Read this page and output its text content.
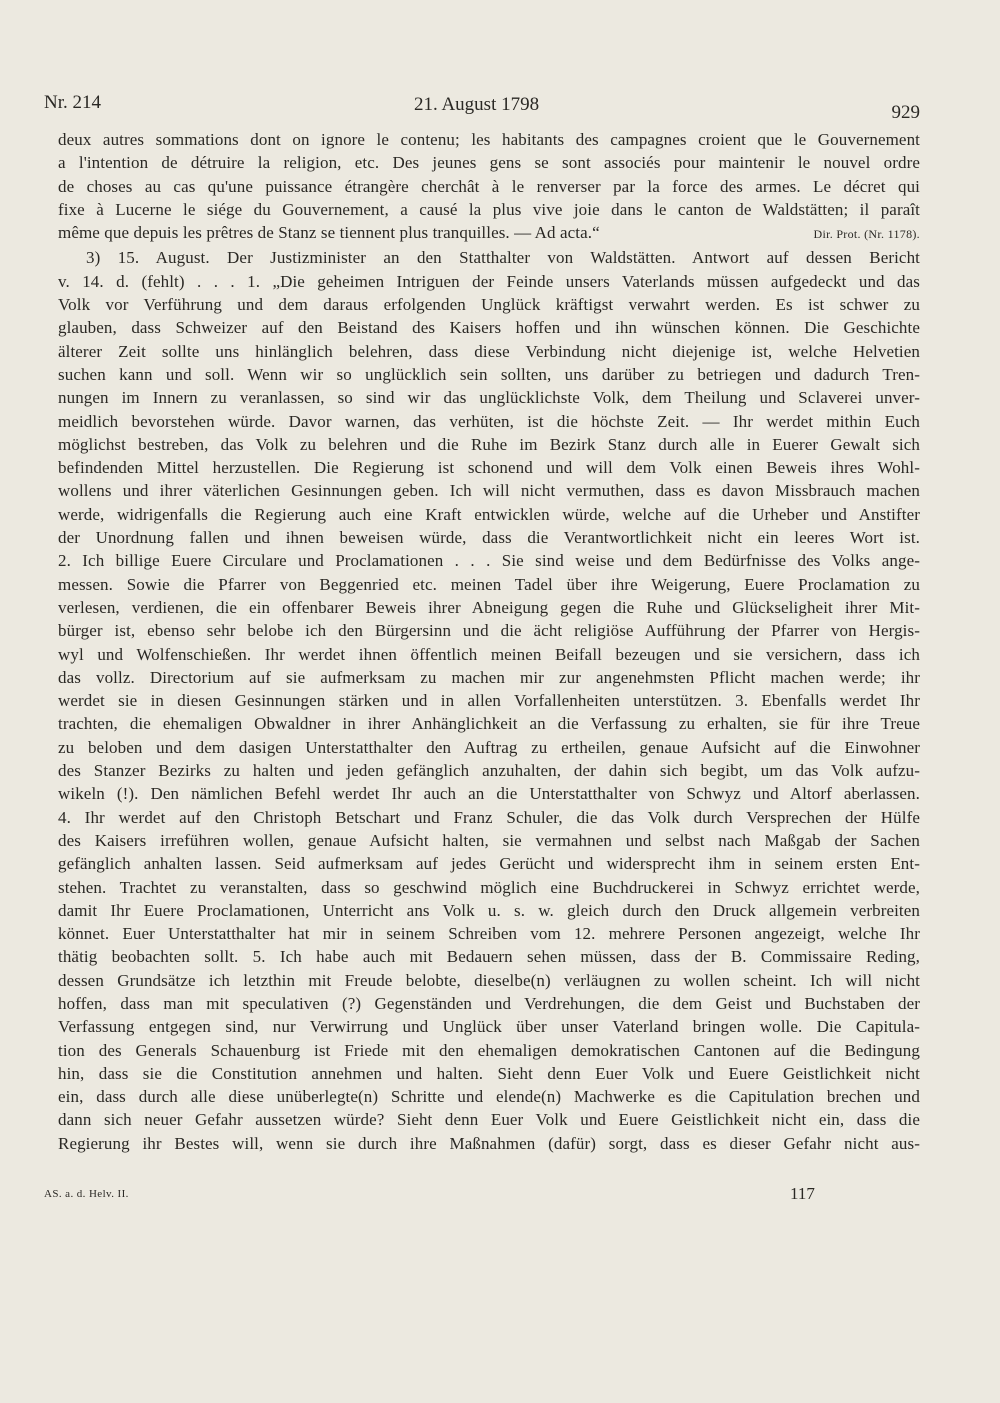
Nr. 214	21. August 1798	929
deux autres sommations dont on ignore le contenu; les habitants des campagnes croient que le Gouvernement
a l'intention de détruire la religion, etc. Des jeunes gens se sont associés pour maintenir le nouvel ordre
de choses au cas qu'une puissance étrangère cherchât à le renverser par la force des armes. Le décret qui
fixe à Lucerne le siége du Gouvernement, a causé la plus vive joie dans le canton de Waldstätten; il paraît
même que depuis les prêtres de Stanz se tiennent plus tranquilles. — Ad acta.“	Dir. Prot. (Nr. 1178).
3) 15. August. Der Justizminister an den Statthalter von Waldstätten. Antwort auf dessen Bericht
v. 14. d. (fehlt) . . . 1. „Die geheimen Intriguen der Feinde unsers Vaterlands müssen aufgedeckt und das
Volk vor Verführung und dem daraus erfolgenden Unglück kräftigst verwahrt werden. Es ist schwer zu
glauben, dass Schweizer auf den Beistand des Kaisers hoffen und ihn wünschen können. Die Geschichte
älterer Zeit sollte uns hinlänglich belehren, dass diese Verbindung nicht diejenige ist, welche Helvetien
suchen kann und soll. Wenn wir so unglücklich sein sollten, uns darüber zu betriegen und dadurch Tren-
nungen im Innern zu veranlassen, so sind wir das unglücklichste Volk, dem Theilung und Sclaverei unver-
meidlich bevorstehen würde. Davor warnen, das verhüten, ist die höchste Zeit. — Ihr werdet mithin Euch
möglichst bestreben, das Volk zu belehren und die Ruhe im Bezirk Stanz durch alle in Euerer Gewalt sich
befindenden Mittel herzustellen. Die Regierung ist schonend und will dem Volk einen Beweis ihres Wohl-
wollens und ihrer väterlichen Gesinnungen geben. Ich will nicht vermuthen, dass es davon Missbrauch machen
werde, widrigenfalls die Regierung auch eine Kraft entwicklen würde, welche auf die Urheber und Anstifter
der Unordnung fallen und ihnen beweisen würde, dass die Verantwortlichkeit nicht ein leeres Wort ist.
2. Ich billige Euere Circulare und Proclamationen . . . Sie sind weise und dem Bedürfnisse des Volks ange-
messen. Sowie die Pfarrer von Beggenried etc. meinen Tadel über ihre Weigerung, Euere Proclamation zu
verlesen, verdienen, die ein offenbarer Beweis ihrer Abneigung gegen die Ruhe und Glückseligheit ihrer Mit-
bürger ist, ebenso sehr belobe ich den Bürgersinn und die ächt religiöse Aufführung der Pfarrer von Hergis-
wyl und Wolfenschießen. Ihr werdet ihnen öffentlich meinen Beifall bezeugen und sie versichern, dass ich
das vollz. Directorium auf sie aufmerksam zu machen mir zur angenehmsten Pflicht machen werde; ihr
werdet sie in diesen Gesinnungen stärken und in allen Vorfallenheiten unterstützen. 3. Ebenfalls werdet Ihr
trachten, die ehemaligen Obwaldner in ihrer Anhänglichkeit an die Verfassung zu erhalten, sie für ihre Treue
zu beloben und dem dasigen Unterstatthalter den Auftrag zu ertheilen, genaue Aufsicht auf die Einwohner
des Stanzer Bezirks zu halten und jeden gefänglich anzuhalten, der dahin sich begibt, um das Volk aufzu-
wikeln (!). Den nämlichen Befehl werdet Ihr auch an die Unterstatthalter von Schwyz und Altorf aberlassen.
4. Ihr werdet auf den Christoph Betschart und Franz Schuler, die das Volk durch Versprechen der Hülfe
des Kaisers irreführen wollen, genaue Aufsicht halten, sie vermahnen und selbst nach Maßgab der Sachen
gefänglich anhalten lassen. Seid aufmerksam auf jedes Gerücht und widersprecht ihm in seinem ersten Ent-
stehen. Trachtet zu veranstalten, dass so geschwind möglich eine Buchdruckerei in Schwyz errichtet werde,
damit Ihr Euere Proclamationen, Unterricht ans Volk u. s. w. gleich durch den Druck allgemein verbreiten
könnet. Euer Unterstatthalter hat mir in seinem Schreiben vom 12. mehrere Personen angezeigt, welche Ihr
thätig beobachten sollt. 5. Ich habe auch mit Bedauern sehen müssen, dass der B. Commissaire Reding,
dessen Grundsätze ich letzthin mit Freude belobte, dieselbe(n) verläugnen zu wollen scheint. Ich will nicht
hoffen, dass man mit speculativen (?) Gegenständen und Verdrehungen, die dem Geist und Buchstaben der
Verfassung entgegen sind, nur Verwirrung und Unglück über unser Vaterland bringen wolle. Die Capitula-
tion des Generals Schauenburg ist Friede mit den ehemaligen demokratischen Cantonen auf die Bedingung
hin, dass sie die Constitution annehmen und halten. Sieht denn Euer Volk und Euere Geistlichkeit nicht
ein, dass durch alle diese unüberlegte(n) Schritte und elende(n) Machwerke es die Capitulation brechen und
dann sich neuer Gefahr aussetzen würde? Sieht denn Euer Volk und Euere Geistlichkeit nicht ein, dass die
Regierung ihr Bestes will, wenn sie durch ihre Maßnahmen (dafür) sorgt, dass es dieser Gefahr nicht aus-
AS. a. d. Helv. II.	117
